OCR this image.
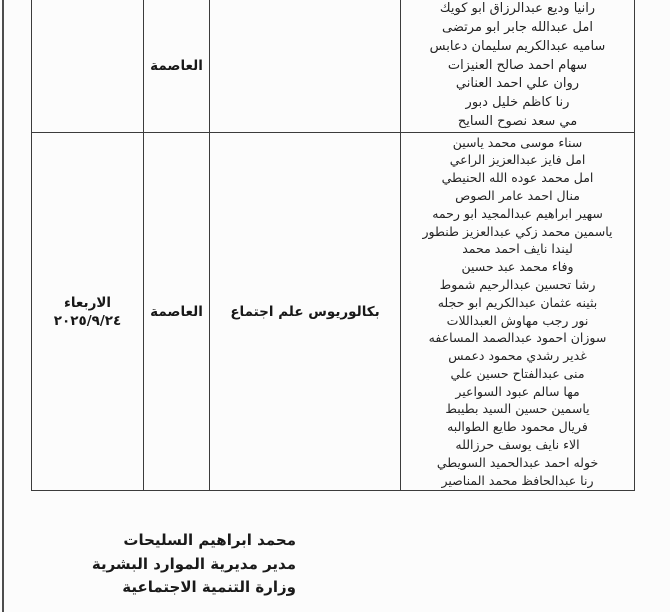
العاصمة
رانيا وديع عبدالرزاق ابو كويك
امل عبدالله جابر ابو مرتضى
ساميه عبدالكريم سليمان دعابس
سهام احمد صالح العنيزات
روان علي احمد العناني
رنا كاظم خليل دبور
مي سعد نصوح السايح
الاربعاء
٢٠٢٥/٩/٢٤
العاصمة بكالوريوس علم اجتماع
سناء موسى محمد ياسين
امل فايز عبدالعزيز الراعي
امل محمد عوده الله الحنيطي
منال احمد عامر الصوص
سهير ابراهيم عبدالمجيد ابو رحمه
ياسمين محمد زكي عبدالعزيز طنطور
ليندا نايف احمد محمد
وفاء محمد عبد حسين
رشا تحسين عبدالرحيم شموط
بثينه عثمان عبدالكريم ابو حجله
نور رجب مهاوش العبداللات
سوزان احمود عبدالصمد المساعفه
غدير رشدي محمود دعمس
منى عبدالفتاح حسين علي
مها سالم عبود السواعير
ياسمين حسين السيد بطيبط
فريال محمود طايع الطوالبه
الاء نايف يوسف حرزالله
خوله احمد عبدالحميد السويطي
رنا عبدالحافظ محمد المناصير
محمد ابراهيم السليحات
مدير مديرية الموارد البشرية
وزارة التنمية الاجتماعية
